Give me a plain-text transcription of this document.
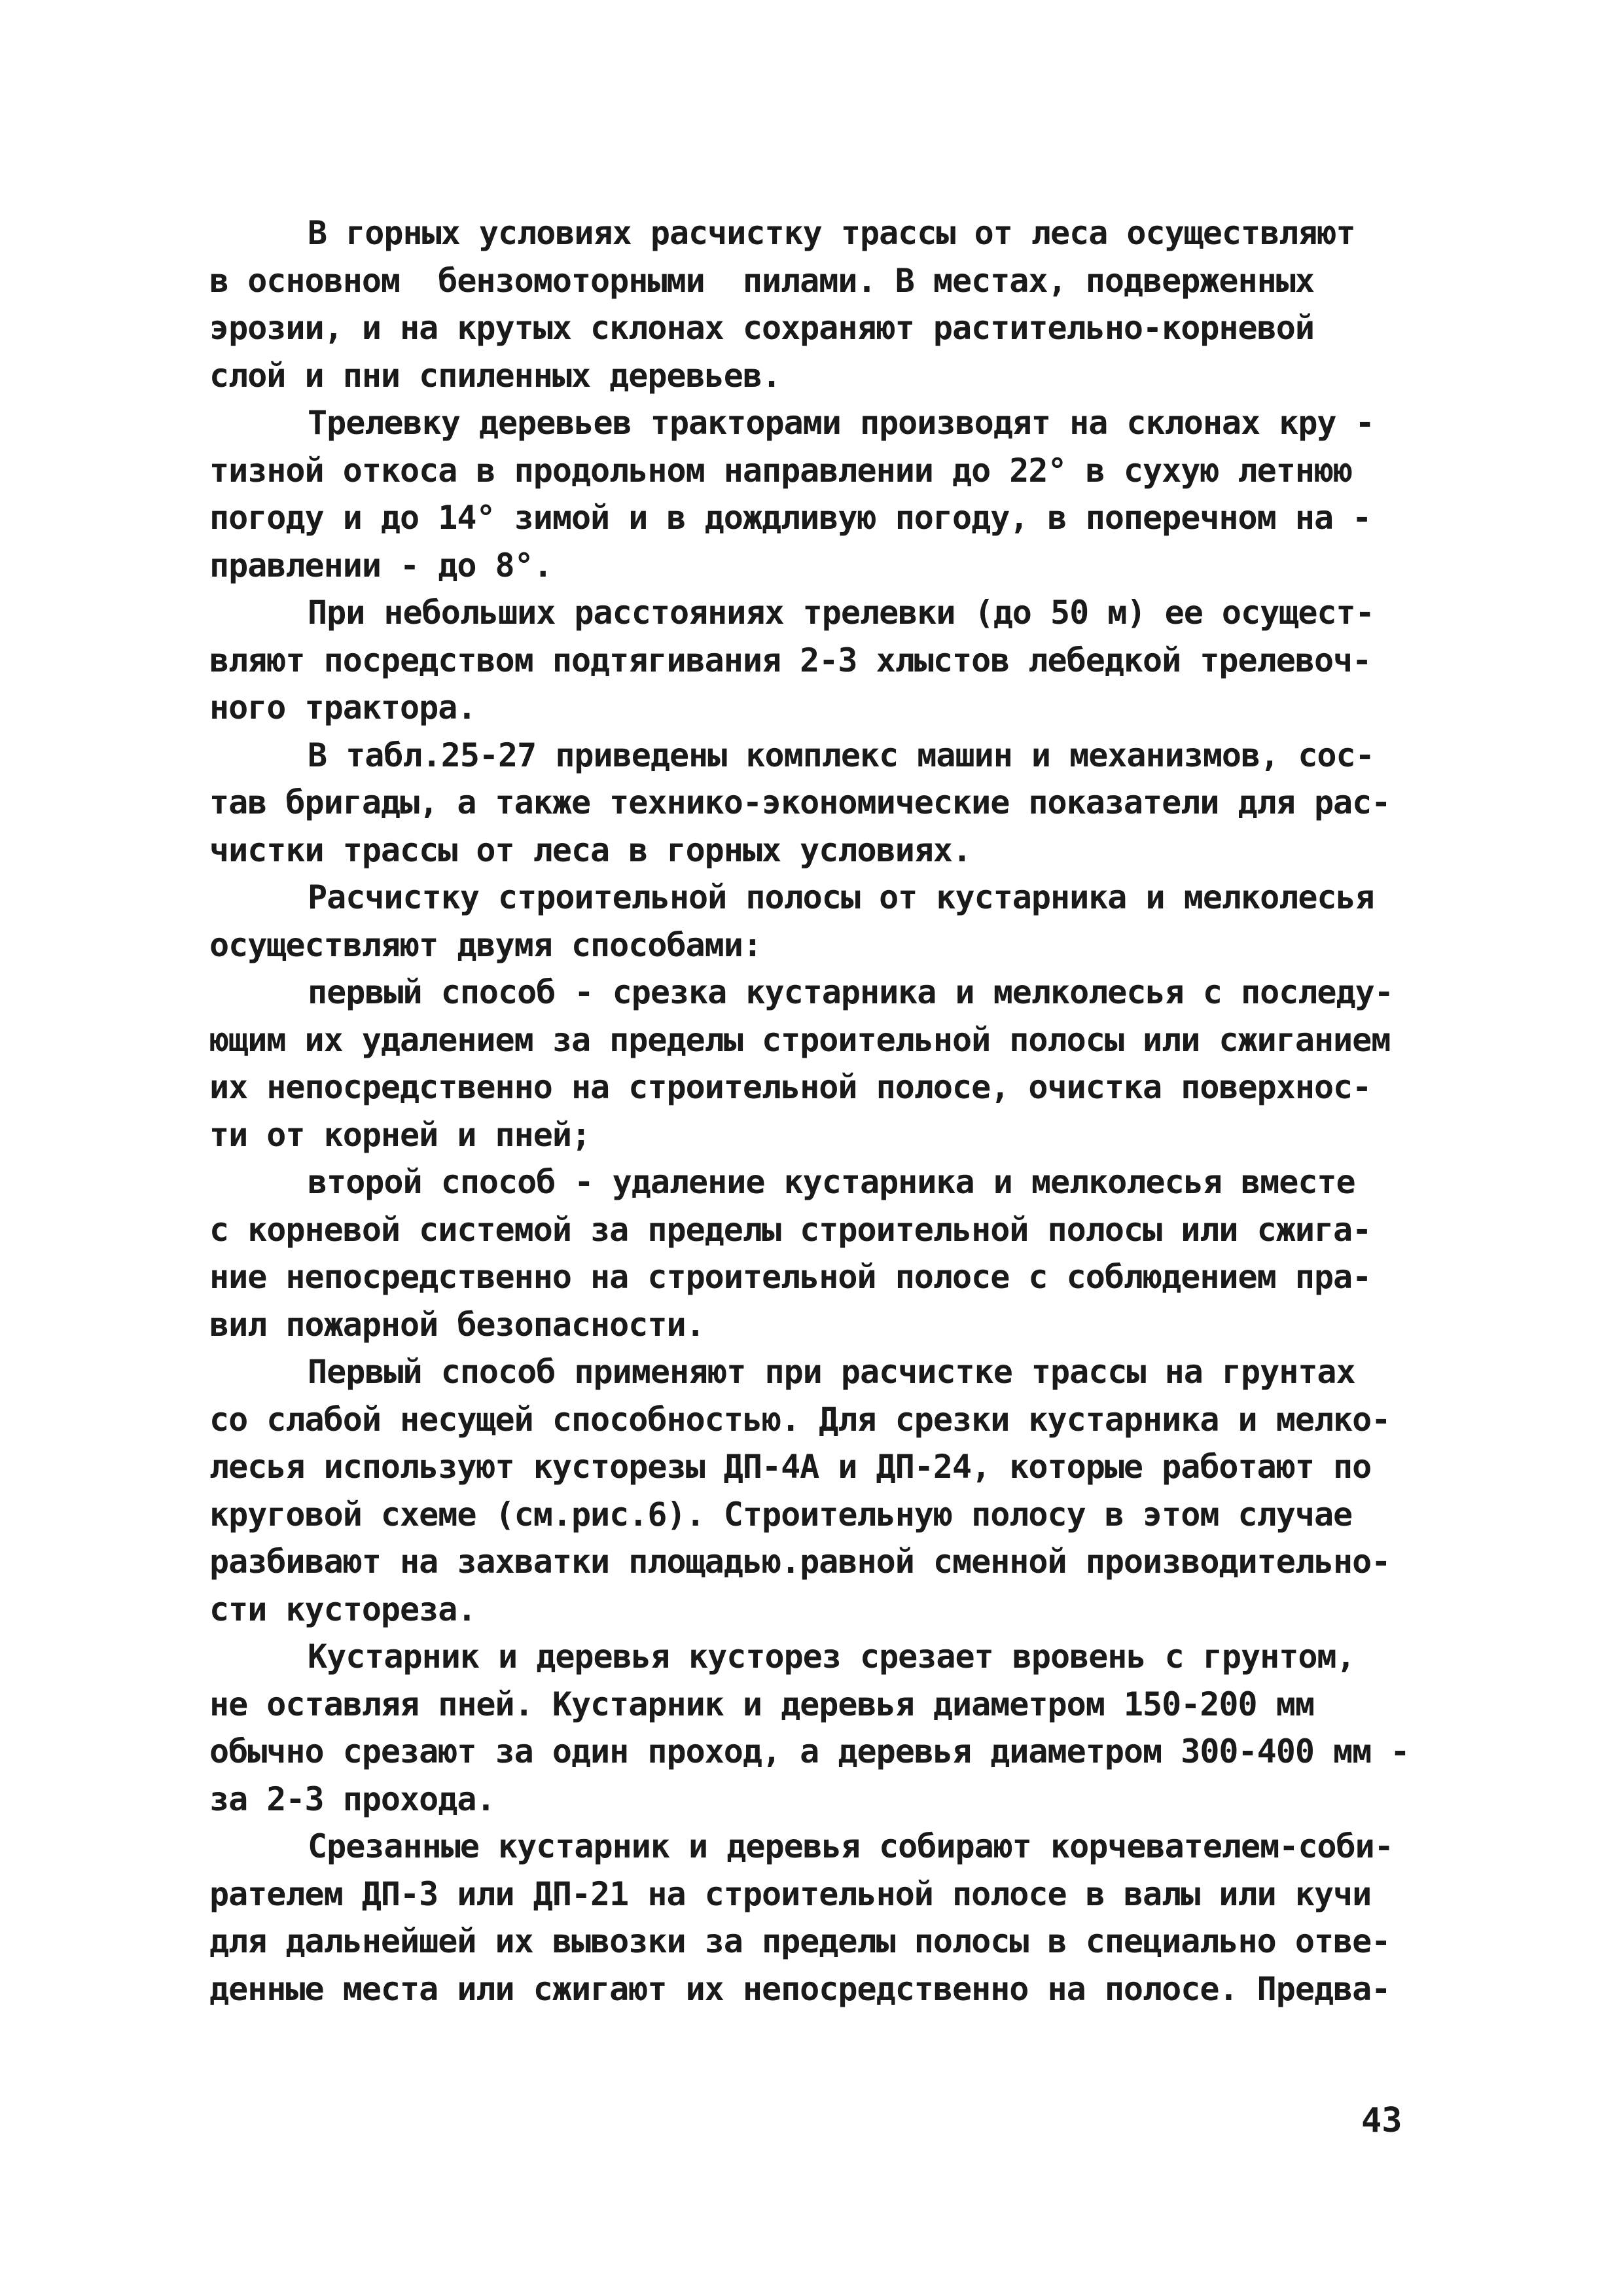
В горных условиях расчистку трассы от леса осуществляют
в основном  бензомоторными  пилами. В местах, подверженных
эрозии, и на крутых склонах сохраняют растительно-корневой
слой и пни спиленных деревьев.
Трелевку деревьев тракторами производят на склонах кру -
тизной откоса в продольном направлении до 22° в сухую летнюю
погоду и до 14° зимой и в дождливую погоду, в поперечном на -
правлении - до 8°.
При небольших расстояниях трелевки (до 50 м) ее осущест-
вляют посредством подтягивания 2-3 хлыстов лебедкой трелевоч-
ного трактора.
В табл.25-27 приведены комплекс машин и механизмов, сос-
тав бригады, а также технико-экономические показатели для рас-
чистки трассы от леса в горных условиях.
Расчистку строительной полосы от кустарника и мелколесья
осуществляют двумя способами:
первый способ - срезка кустарника и мелколесья с последу-
ющим их удалением за пределы строительной полосы или сжиганием
их непосредственно на строительной полосе, очистка поверхнос-
ти от корней и пней;
второй способ - удаление кустарника и мелколесья вместе
с корневой системой за пределы строительной полосы или сжига-
ние непосредственно на строительной полосе с соблюдением пра-
вил пожарной безопасности.
Первый способ применяют при расчистке трассы на грунтах
со слабой несущей способностью. Для срезки кустарника и мелко-
лесья используют кусторезы ДП-4А и ДП-24, которые работают по
круговой схеме (см.рис.6). Строительную полосу в этом случае
разбивают на захватки площадью.равной сменной производительно-
сти кустореза.
Кустарник и деревья кусторез срезает вровень с грунтом,
не оставляя пней. Кустарник и деревья диаметром 150-200 мм
обычно срезают за один проход, а деревья диаметром 300-400 мм -
за 2-3 прохода.
Срезанные кустарник и деревья собирают корчевателем-соби-
рателем ДП-3 или ДП-21 на строительной полосе в валы или кучи
для дальнейшей их вывозки за пределы полосы в специально отве-
денные места или сжигают их непосредственно на полосе. Предва-
43
